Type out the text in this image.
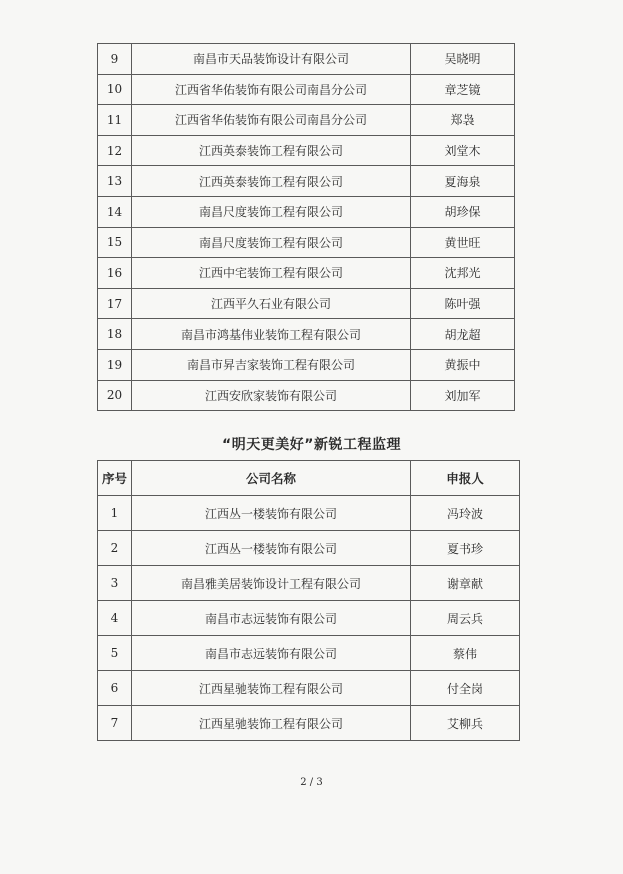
9	南昌市天品装饰设计有限公司	吴晓明
10	江西省华佑装饰有限公司南昌分公司	章芝镜
11	江西省华佑装饰有限公司南昌分公司	郑袅
12	江西英泰装饰工程有限公司	刘堂木
13	江西英泰装饰工程有限公司	夏海泉
14	南昌尺度装饰工程有限公司	胡珍保
15	南昌尺度装饰工程有限公司	黄世旺
16	江西中宅装饰工程有限公司	沈邦光
17	江西平久石业有限公司	陈叶强
18	南昌市鸿基伟业装饰工程有限公司	胡龙超
19	南昌市昇吉家装饰工程有限公司	黄振中
20	江西安欣家装饰有限公司	刘加军
“明天更美好”新锐工程监理
序号	公司名称	申报人
1	江西丛一楼装饰有限公司	冯玲波
2	江西丛一楼装饰有限公司	夏书珍
3	南昌雅美居装饰设计工程有限公司	谢章献
4	南昌市志远装饰有限公司	周云兵
5	南昌市志远装饰有限公司	蔡伟
6	江西星驰装饰工程有限公司	付全岗
7	江西星驰装饰工程有限公司	艾柳兵
2 / 3
